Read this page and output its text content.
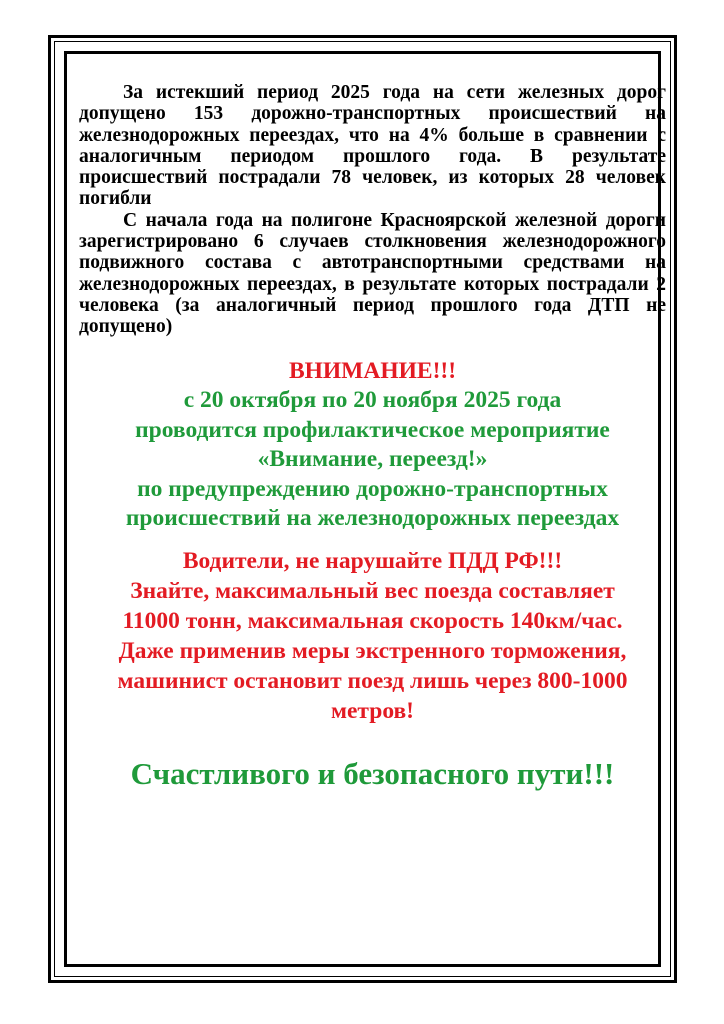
За истекший период 2025 года на сети железных дорог допущено 153 дорожно-транспортных происшествий на железнодорожных переездах, что на 4% больше в сравнении с аналогичным периодом прошлого года. В результате происшествий пострадали 78 человек, из которых 28 человек погибли

С начала года на полигоне Красноярской железной дороги зарегистрировано 6 случаев столкновения железнодорожного подвижного состава с автотранспортными средствами на железнодорожных переездах, в результате которых пострадали 2 человека (за аналогичный период прошлого года ДТП не допущено)

ВНИМАНИЕ!!!
с 20 октября по 20 ноября 2025 года
проводится профилактическое мероприятие
«Внимание, переезд!»
по предупреждению дорожно-транспортных
происшествий на железнодорожных переездах
Водители, не нарушайте ПДД РФ!!!
Знайте, максимальный вес поезда составляет
11000 тонн, максимальная скорость 140км/час.
Даже применив меры экстренного торможения,
машинист остановит поезд лишь через 800-1000
метров!
Счастливого и безопасного пути!!!
